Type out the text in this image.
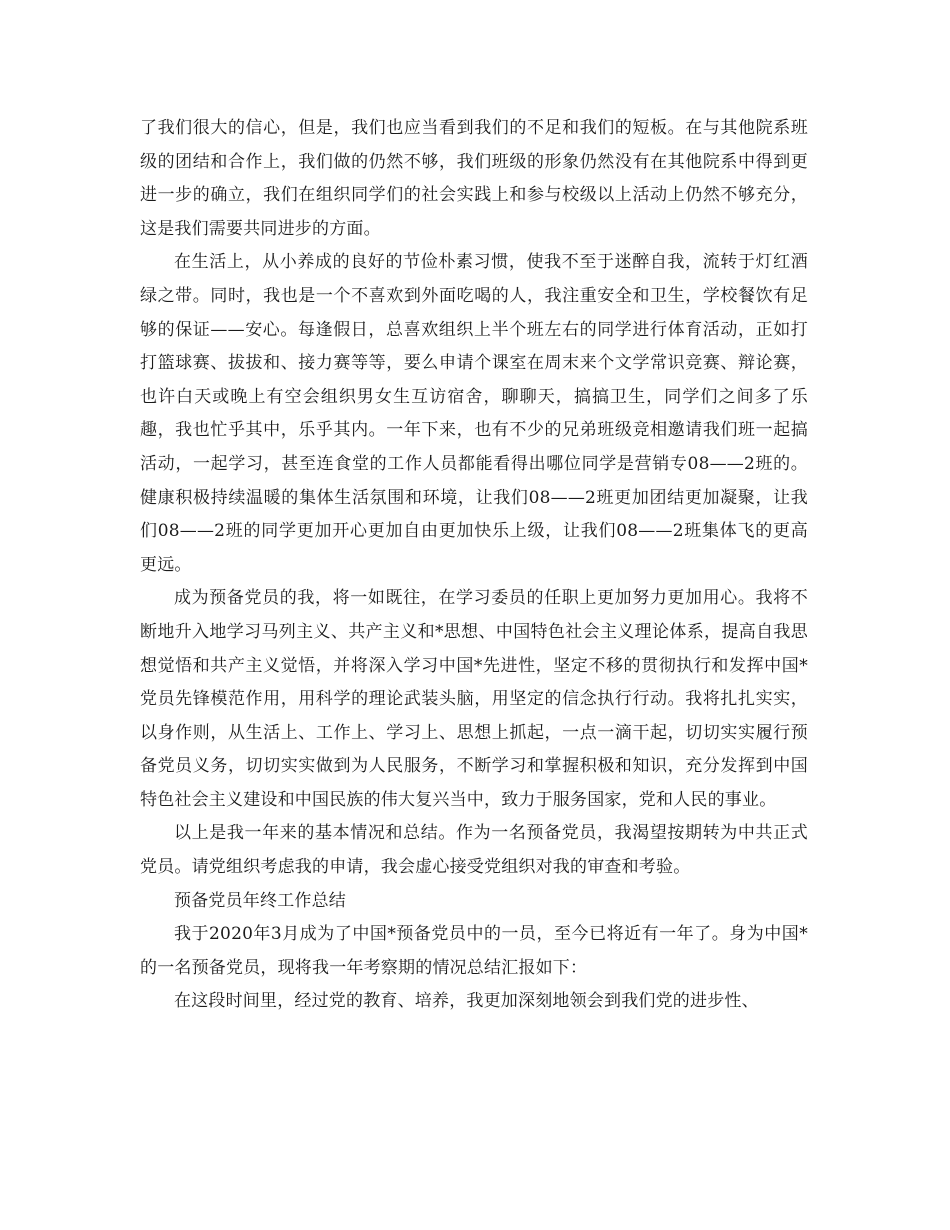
了我们很大的信心，但是，我们也应当看到我们的不足和我们的短板。在与其他院系班级的团结和合作上，我们做的仍然不够，我们班级的形象仍然没有在其他院系中得到更进一步的确立，我们在组织同学们的社会实践上和参与校级以上活动上仍然不够充分，这是我们需要共同进步的方面。

在生活上，从小养成的良好的节俭朴素习惯，使我不至于迷醉自我，流转于灯红酒绿之带。同时，我也是一个不喜欢到外面吃喝的人，我注重安全和卫生，学校餐饮有足够的保证——安心。每逢假日，总喜欢组织上半个班左右的同学进行体育活动，正如打打篮球赛、拔拔和、接力赛等等，要么申请个课室在周末来个文学常识竞赛、辩论赛，也许白天或晚上有空会组织男女生互访宿舍，聊聊天，搞搞卫生，同学们之间多了乐趣，我也忙乎其中，乐乎其内。一年下来，也有不少的兄弟班级竞相邀请我们班一起搞活动，一起学习，甚至连食堂的工作人员都能看得出哪位同学是营销专08——2班的。健康积极持续温暖的集体生活氛围和环境，让我们08——2班更加团结更加凝聚，让我们08——2班的同学更加开心更加自由更加快乐上级，让我们08——2班集体飞的更高更远。

成为预备党员的我，将一如既往，在学习委员的任职上更加努力更加用心。我将不断地升入地学习马列主义、共产主义和*思想、中国特色社会主义理论体系，提高自我思想觉悟和共产主义觉悟，并将深入学习中国*先进性，坚定不移的贯彻执行和发挥中国*党员先锋模范作用，用科学的理论武装头脑，用坚定的信念执行行动。我将扎扎实实，以身作则，从生活上、工作上、学习上、思想上抓起，一点一滴干起，切切实实履行预备党员义务，切切实实做到为人民服务，不断学习和掌握积极和知识，充分发挥到中国特色社会主义建设和中国民族的伟大复兴当中，致力于服务国家，党和人民的事业。

以上是我一年来的基本情况和总结。作为一名预备党员，我渴望按期转为中共正式党员。请党组织考虑我的申请，我会虚心接受党组织对我的审查和考验。

预备党员年终工作总结

我于2020年3月成为了中国*预备党员中的一员，至今已将近有一年了。身为中国*的一名预备党员，现将我一年考察期的情况总结汇报如下：

在这段时间里，经过党的教育、培养，我更加深刻地领会到我们党的进步性、
